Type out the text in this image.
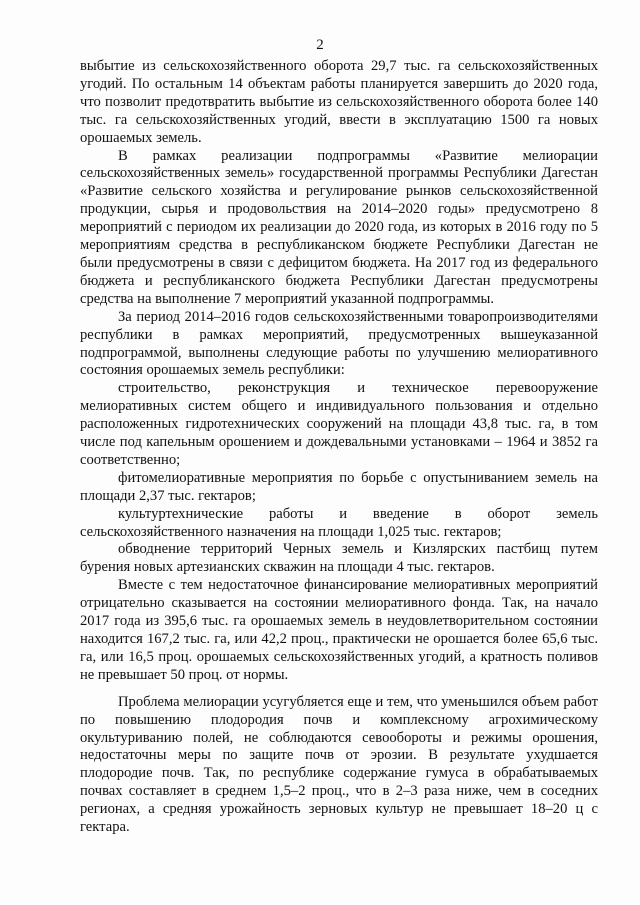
2

выбытие из сельскохозяйственного оборота 29,7 тыс. га сельскохозяйственных угодий. По остальным 14 объектам работы планируется завершить до 2020 года, что позволит предотвратить выбытие из сельскохозяйственного оборота более 140 тыс. га сельскохозяйственных угодий, ввести в эксплуатацию 1500 га новых орошаемых земель.

В рамках реализации подпрограммы «Развитие мелиорации сельскохозяйственных земель» государственной программы Республики Дагестан «Развитие сельского хозяйства и регулирование рынков сельскохозяйственной продукции, сырья и продовольствия на 2014–2020 годы» предусмотрено 8 мероприятий с периодом их реализации до 2020 года, из которых в 2016 году по 5 мероприятиям средства в республиканском бюджете Республики Дагестан не были предусмотрены в связи с дефицитом бюджета. На 2017 год из федерального бюджета и республиканского бюджета Республики Дагестан предусмотрены средства на выполнение 7 мероприятий указанной подпрограммы.

За период 2014–2016 годов сельскохозяйственными товаропроизводителями республики в рамках мероприятий, предусмотренных вышеуказанной подпрограммой, выполнены следующие работы по улучшению мелиоративного состояния орошаемых земель республики:

строительство, реконструкция и техническое перевооружение мелиоративных систем общего и индивидуального пользования и отдельно расположенных гидротехнических сооружений на площади 43,8 тыс. га, в том числе под капельным орошением и дождевальными установками – 1964 и 3852 га соответственно;

фитомелиоративные мероприятия по борьбе с опустыниванием земель на площади 2,37 тыс. гектаров;

культуртехнические работы и введение в оборот земель сельскохозяйственного назначения на площади 1,025 тыс. гектаров;

обводнение территорий Черных земель и Кизлярских пастбищ путем бурения новых артезианских скважин на площади 4 тыс. гектаров.

Вместе с тем недостаточное финансирование мелиоративных мероприятий отрицательно сказывается на состоянии мелиоративного фонда. Так, на начало 2017 года из 395,6 тыс. га орошаемых земель в неудовлетворительном состоянии находится 167,2 тыс. га, или 42,2 проц., практически не орошается более 65,6 тыс. га, или 16,5 проц. орошаемых сельскохозяйственных угодий, а кратность поливов не превышает 50 проц. от нормы.

Проблема мелиорации усугубляется еще и тем, что уменьшился объем работ по повышению плодородия почв и комплексному агрохимическому окультуриванию полей, не соблюдаются севообороты и режимы орошения, недостаточны меры по защите почв от эрозии. В результате ухудшается плодородие почв. Так, по республике содержание гумуса в обрабатываемых почвах составляет в среднем 1,5–2 проц., что в 2–3 раза ниже, чем в соседних регионах, а средняя урожайность зерновых культур не превышает 18–20 ц с гектара.
